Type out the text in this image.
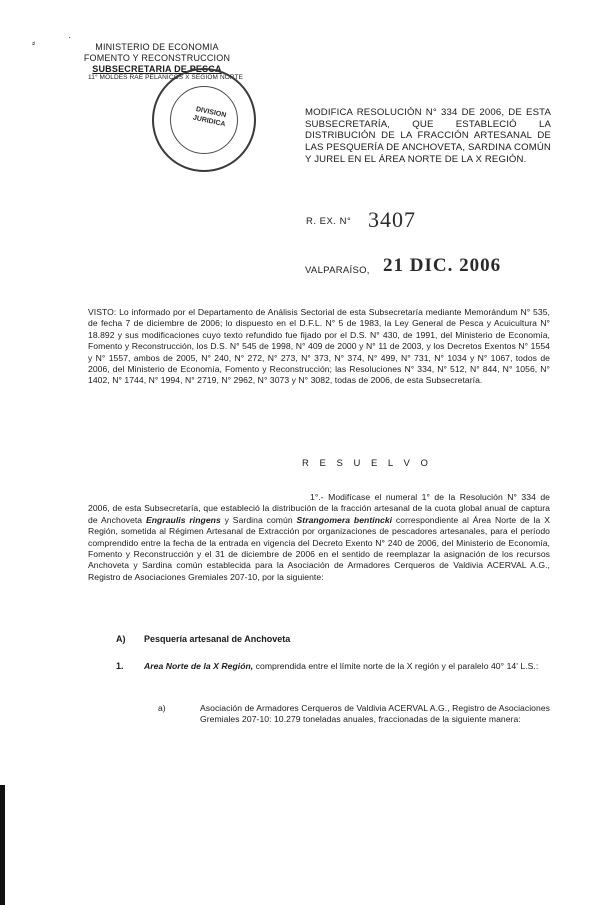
⸗
·
MINISTERIO DE ECONOMIA
FOMENTO Y RECONSTRUCCION
SUBSECRETARIA DE PESCA
11° MOLDES RAE PELANICOS X SEGIOM NORTE
DIVISION JURIDICA
MODIFICA RESOLUCIÓN N° 334 DE 2006, DE ESTA SUBSECRETARÍA, QUE ESTABLECIÓ LA DISTRIBUCIÓN DE LA FRACCIÓN ARTESANAL DE LAS PESQUERÍA DE ANCHOVETA, SARDINA COMÚN Y JUREL EN EL ÁREA NORTE DE LA X REGIÓN.
R. EX. N° 3407
VALPARAÍSO, 21 DIC. 2006
VISTO: Lo informado por el Departamento de Análisis Sectorial de esta Subsecretaría mediante Memorándum N° 535, de fecha 7 de diciembre de 2006; lo dispuesto en el D.F.L. N° 5 de 1983, la Ley General de Pesca y Acuicultura N° 18.892 y sus modificaciones cuyo texto refundido fue fijado por el D.S. N° 430, de 1991, del Ministerio de Economía, Fomento y Reconstrucción, los D.S. N° 545 de 1998, N° 409 de 2000 y N° 11 de 2003, y los Decretos Exentos N° 1554 y N° 1557, ambos de 2005, N° 240, N° 272, N° 273, N° 373, N° 374, N° 499, N° 731, N° 1034 y N° 1067, todos de 2006, del Ministerio de Economía, Fomento y Reconstrucción; las Resoluciones N° 334, N° 512, N° 844, N° 1056, N° 1402, N° 1744, N° 1994, N° 2719, N° 2962, N° 3073 y N° 3082, todas de 2006, de esta Subsecretaría.
R E S U E L V O
1°.- Modifícase el numeral 1° de la Resolución N° 334 de 2006, de esta Subsecretaría, que estableció la distribución de la fracción artesanal de la cuota global anual de captura de Anchoveta Engraulis ringens y Sardina común Strangomera bentincki correspondiente al Área Norte de la X Región, sometida al Régimen Artesanal de Extracción por organizaciones de pescadores artesanales, para el período comprendido entre la fecha de la entrada en vigencia del Decreto Exento N° 240 de 2006, del Ministerio de Economía, Fomento y Reconstrucción y el 31 de diciembre de 2006 en el sentido de reemplazar la asignación de los recursos Anchoveta y Sardina común establecida para la Asociación de Armadores Cerqueros de Valdivia ACERVAL A.G., Registro de Asociaciones Gremiales 207-10, por la siguiente:
A) Pesquería artesanal de Anchoveta
1. Area Norte de la X Región, comprendida entre el límite norte de la X región y el paralelo 40° 14' L.S.:
a)	Asociación de Armadores Cerqueros de Valdivia ACERVAL A.G., Registro de Asociaciones Gremiales 207-10: 10.279 toneladas anuales, fraccionadas de la siguiente manera:
